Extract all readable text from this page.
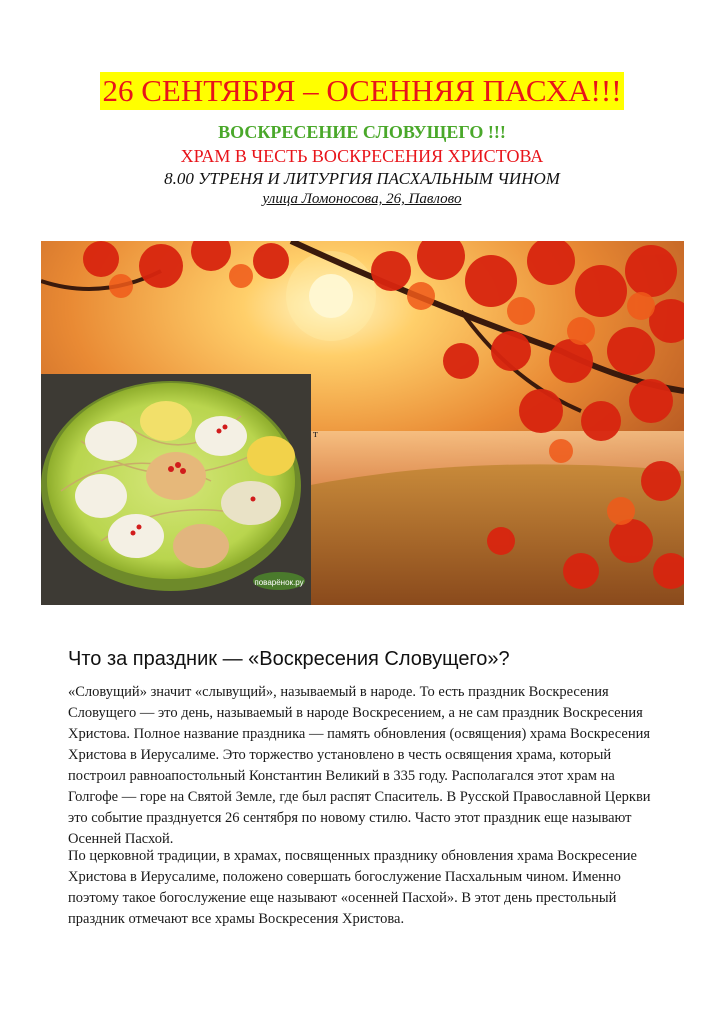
26 СЕНТЯБРЯ – ОСЕННЯЯ ПАСХА!!!
ВОСКРЕСЕНИЕ СЛОВУЩЕГО !!!
ХРАМ В ЧЕСТЬ ВОСКРЕСЕНИЯ ХРИСТОВА
8.00 УТРЕНЯ И ЛИТУРГИЯ ПАСХАЛЬНЫМ ЧИНОМ
улица Ломоносова, 26, Павлово
поварёнок.ру
т
Что за праздник — «Воскресения Словущего»?

«Словущий» значит «слывущий», называемый в народе. То есть праздник Воскресения Словущего — это день, называемый в народе Воскресением, а не сам праздник Воскресения Христова. Полное название праздника — память обновления (освящения) храма Воскресения Христова в Иерусалиме. Это торжество установлено в честь освящения храма, который построил равноапостольный Константин Великий в 335 году. Располагался этот храм на Голгофе — горе на Святой Земле, где был распят Спаситель. В Русской Православной Церкви это событие празднуется 26 сентября по новому стилю. Часто этот праздник еще называют Осенней Пасхой.

По церковной традиции, в храмах, посвященных празднику обновления храма Воскресение Христова в Иерусалиме, положено совершать богослужение Пасхальным чином. Именно поэтому такое богослужение еще называют «осенней Пасхой». В этот день престольный праздник отмечают все храмы Воскресения Христова.
